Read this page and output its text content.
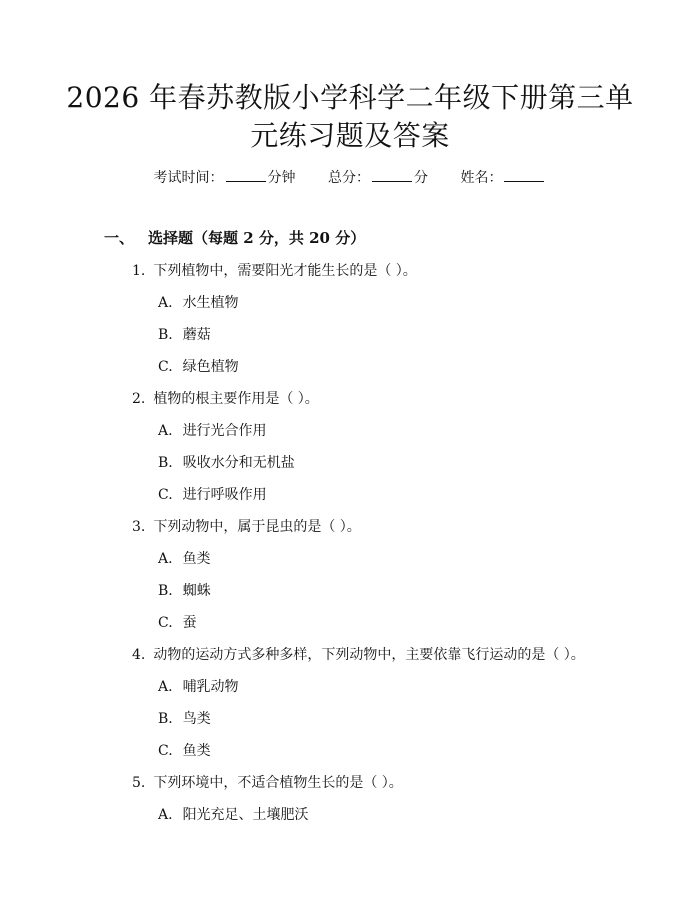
2026 年春苏教版小学科学二年级下册第三单
元练习题及答案
考试时间：	分钟 总分：	分 姓名：
一、 选择题（每题 2 分，共 20 分）
1. 下列植物中，需要阳光才能生长的是（ ）。
A. 水生植物
B. 蘑菇
C. 绿色植物
2. 植物的根主要作用是（ ）。
A. 进行光合作用
B. 吸收水分和无机盐
C. 进行呼吸作用
3. 下列动物中，属于昆虫的是（ ）。
A. 鱼类
B. 蜘蛛
C. 蚕
4. 动物的运动方式多种多样，下列动物中，主要依靠飞行运动的是（ ）。
A. 哺乳动物
B. 鸟类
C. 鱼类
5. 下列环境中，不适合植物生长的是（ ）。
A. 阳光充足、土壤肥沃
